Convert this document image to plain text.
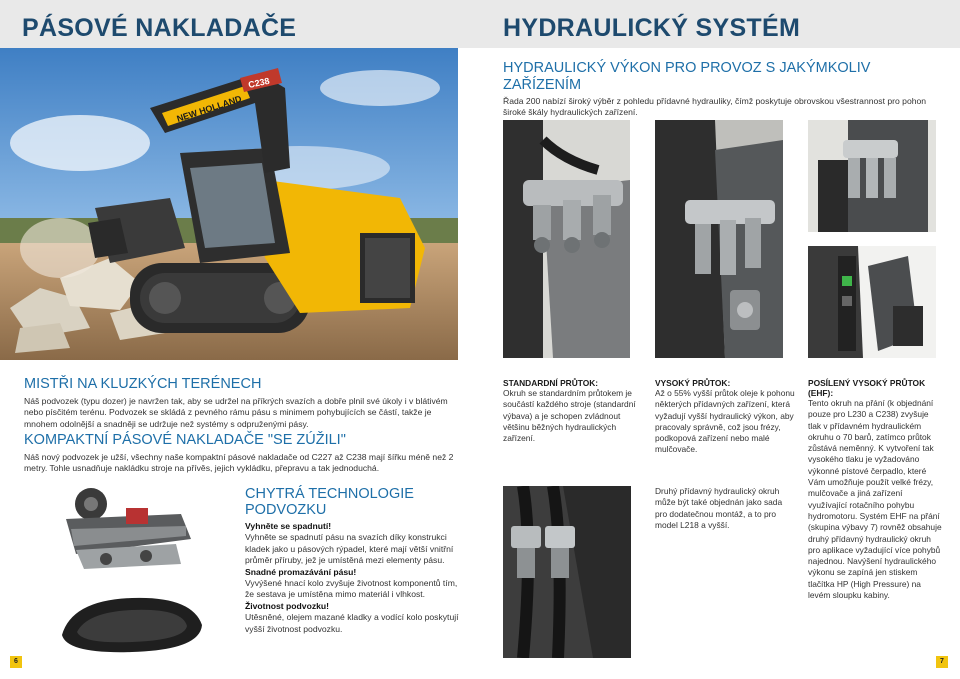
PÁSOVÉ NAKLADAČE	HYDRAULICKÝ SYSTÉM
NEW HOLLAND
C238
MISTŘI NA KLUZKÝCH TERÉNECH
Náš podvozek (typu dozer) je navržen tak, aby se udržel na příkrých svazích a dobře plnil své úkoly i v blátivém nebo písčitém terénu. Podvozek se skládá z pevného rámu pásu s minimem pohybujících se částí, takže je mnohem odolnější a snadněji se udržuje než systémy s odpruženými pásy.
KOMPAKTNÍ PÁSOVÉ NAKLADAČE "SE ZÚŽILI"
Náš nový podvozek je užší, všechny naše kompaktní pásové nakladače od C227 až C238 mají šířku méně než 2 metry. Tohle usnadňuje nakládku stroje na přívěs, jejich vykládku, přepravu a tak jednoduchá.
CHYTRÁ TECHNOLOGIE PODVOZKU
Vyhněte se spadnutí!
Vyhněte se spadnutí pásu na svazích díky konstrukci kladek jako u pásových rýpadel, které mají větší vnitřní průměr příruby, jež je umístěná mezi elementy pásu.
Snadné promazávání pásu!
Vyvýšené hnací kolo zvyšuje životnost komponentů tím, že sestava je umístěna mimo materiál i vlhkost.
Životnost podvozku!
Utěsněné, olejem mazané kladky a vodící kolo poskytují vyšší životnost podvozku.
6
HYDRAULICKÝ VÝKON PRO PROVOZ S JAKÝMKOLIV ZAŘÍZENÍM
Řada 200 nabízí široký výběr z pohledu přídavné hydrauliky, čímž poskytuje obrovskou všestrannost pro pohon široké škály hydraulických zařízení.
STANDARDNÍ PRŮTOK:
Okruh se standardním průtokem je součástí každého stroje (standardní výbava) a je schopen zvládnout většinu běžných hydraulických zařízení.
VYSOKÝ PRŮTOK:
Až o 55% vyšší průtok oleje k pohonu některých přídavných zařízení, která vyžadují vyšší hydraulický výkon, aby pracovaly správně, což jsou frézy, podkopová zařízení nebo malé mulčovače.
Druhý přídavný hydraulický okruh může být také objednán jako sada pro dodatečnou montáž, a to pro model L218 a vyšší.
POSÍLENÝ VYSOKÝ PRŮTOK (EHF):
Tento okruh na přání (k objednání pouze pro L230 a C238) zvyšuje tlak v přídavném hydraulickém okruhu o 70 barů, zatímco průtok zůstává neměnný. K vytvoření tak vysokého tlaku je vyžadováno výkonné pístové čerpadlo, které Vám umožňuje použít velké frézy, mulčovače a jiná zařízení využívající rotačního pohybu hydromotoru. Systém EHF na přání (skupina výbavy 7) rovněž obsahuje druhý přídavný hydraulický okruh pro aplikace vyžadující více pohybů najednou. Navýšení hydraulického výkonu se zapíná jen stiskem tlačítka HP (High Pressure) na levém sloupku kabiny.
7
